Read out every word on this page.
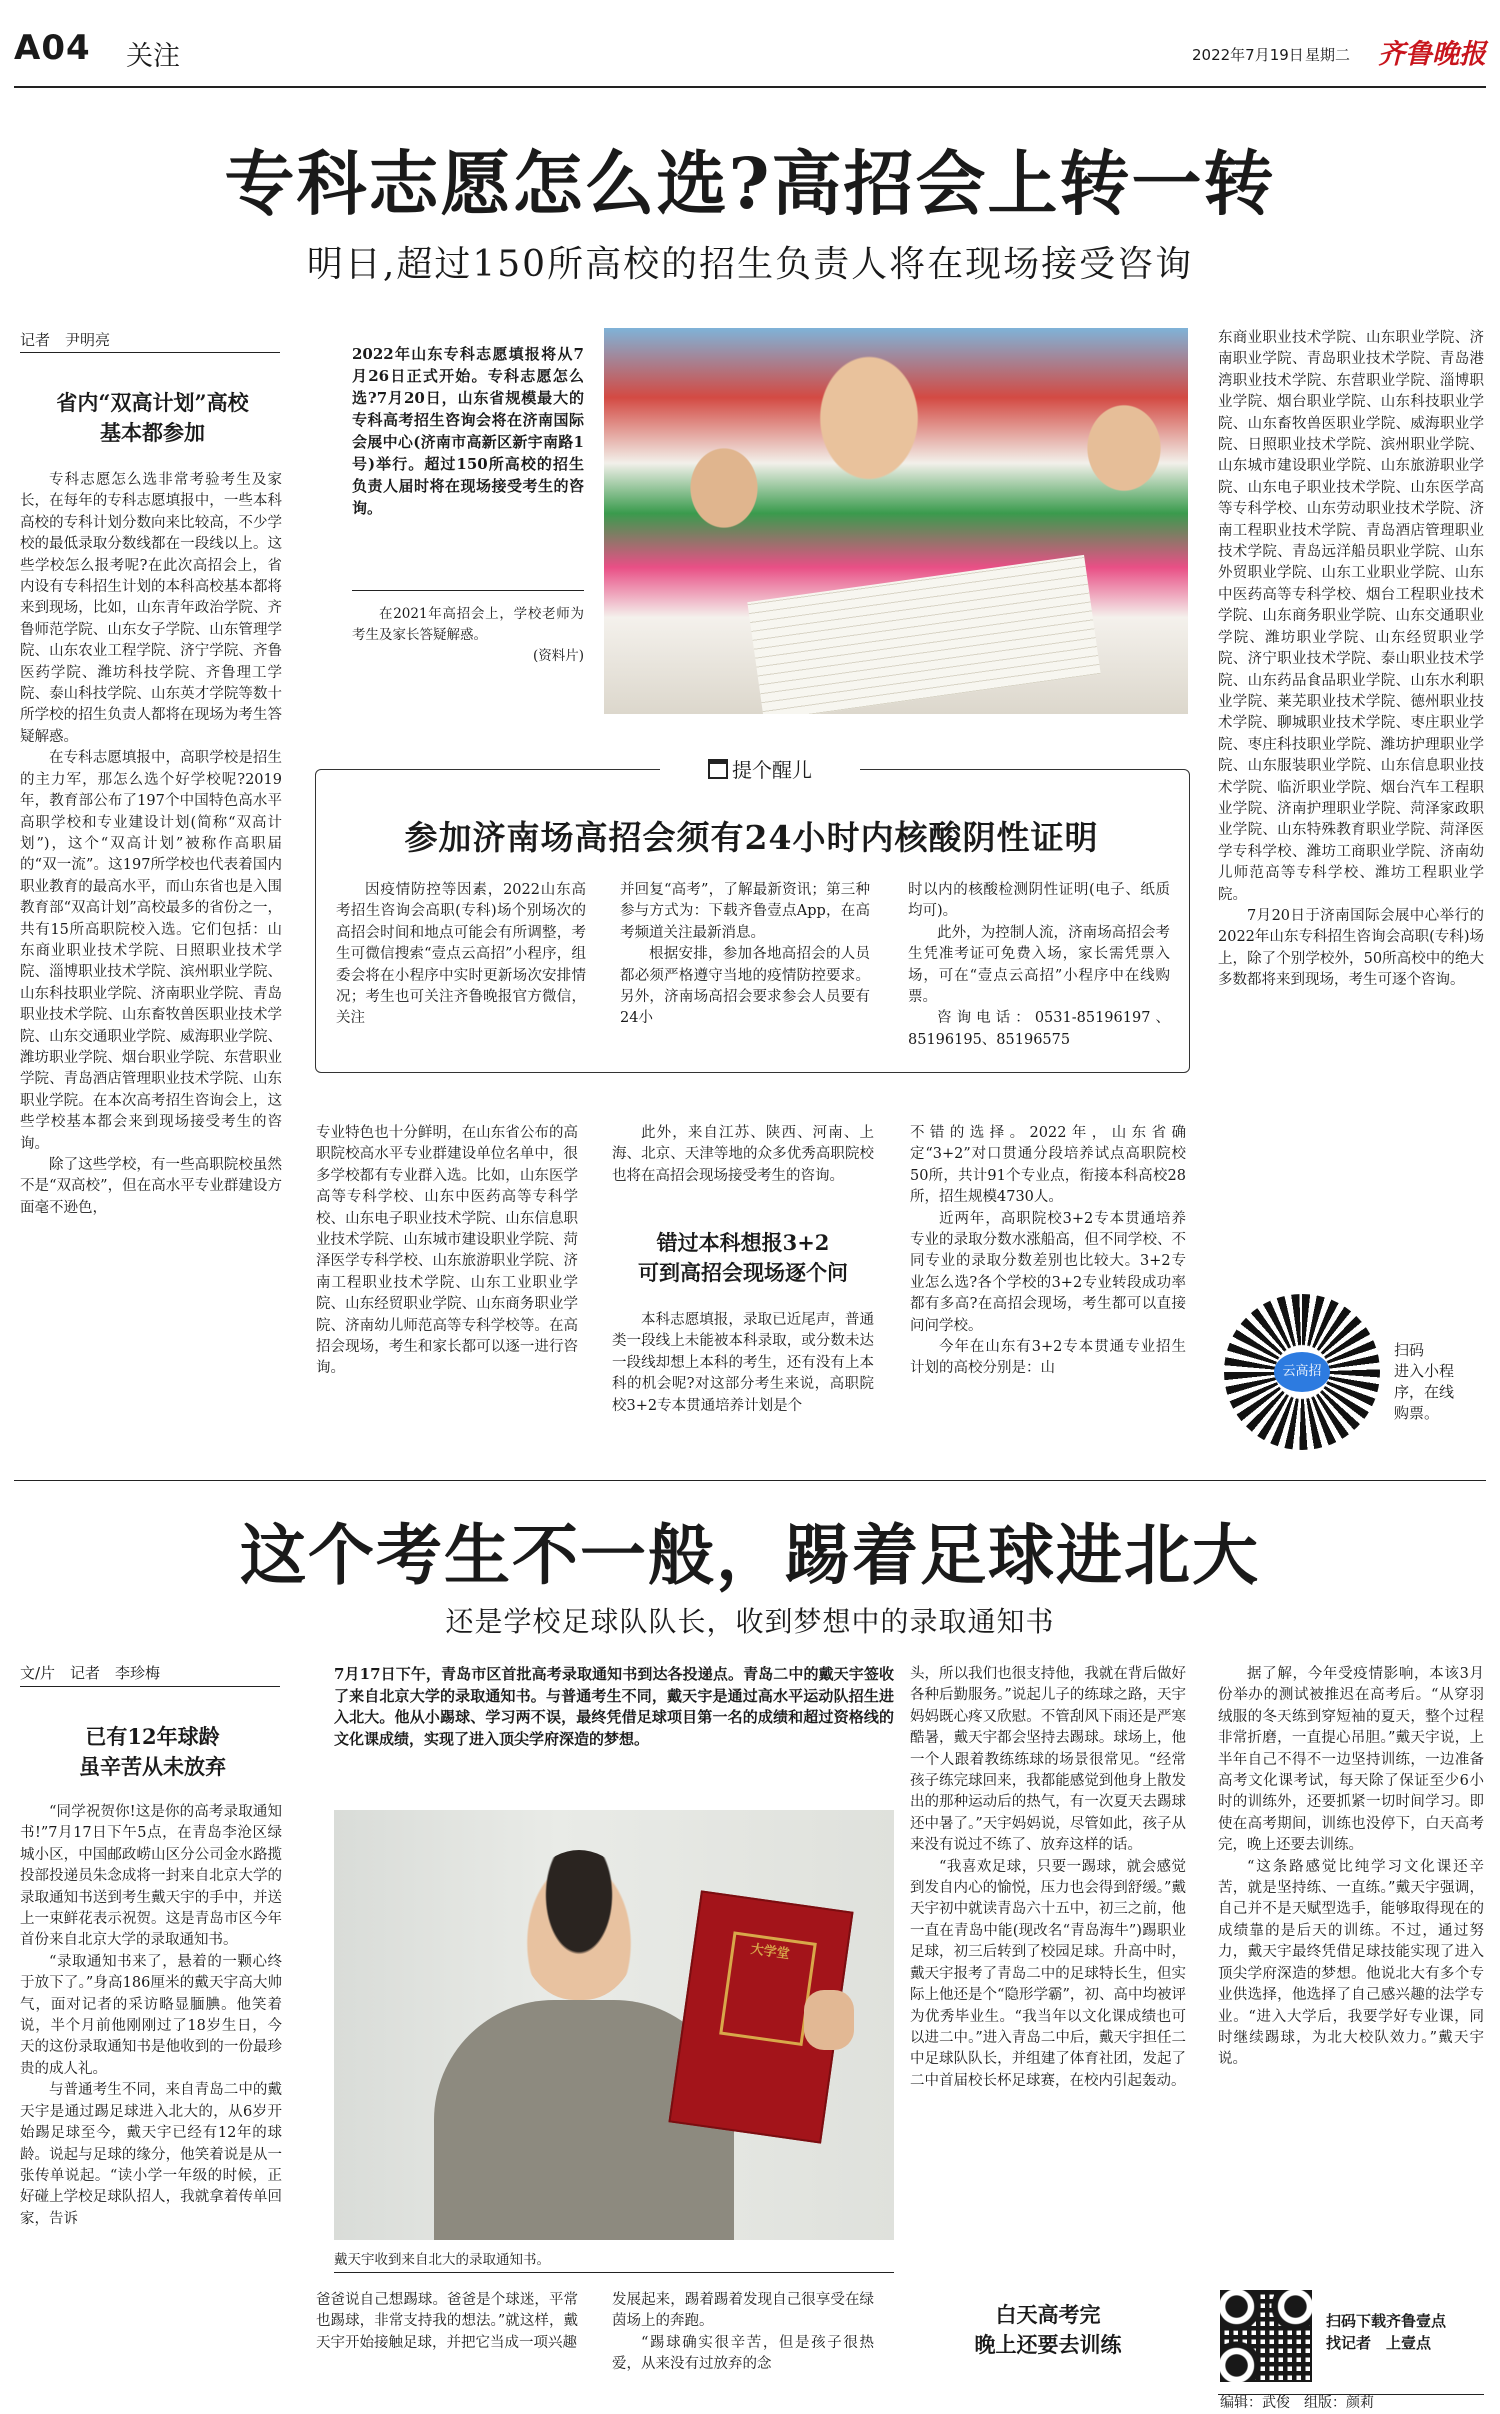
A04 关注	2022年7月19日 星期二 齐鲁晚报
专科志愿怎么选?高招会上转一转
明日,超过150所高校的招生负责人将在现场接受咨询
记者　尹明亮
省内“双高计划”高校
基本都参加

专科志愿怎么选非常考验考生及家长，在每年的专科志愿填报中，一些本科高校的专科计划分数向来比较高，不少学校的最低录取分数线都在一段线以上。这些学校怎么报考呢?在此次高招会上，省内设有专科招生计划的本科高校基本都将来到现场，比如，山东青年政治学院、齐鲁师范学院、山东女子学院、山东管理学院、山东农业工程学院、济宁学院、齐鲁医药学院、潍坊科技学院、齐鲁理工学院、泰山科技学院、山东英才学院等数十所学校的招生负责人都将在现场为考生答疑解惑。

在专科志愿填报中，高职学校是招生的主力军，那怎么选个好学校呢?2019年，教育部公布了197个中国特色高水平高职学校和专业建设计划(简称“双高计划”)，这个“双高计划”被称作高职届的“双一流”。这197所学校也代表着国内职业教育的最高水平，而山东省也是入围教育部“双高计划”高校最多的省份之一，共有15所高职院校入选。它们包括：山东商业职业技术学院、日照职业技术学院、淄博职业技术学院、滨州职业学院、山东科技职业学院、济南职业学院、青岛职业技术学院、山东畜牧兽医职业技术学院、山东交通职业学院、威海职业学院、潍坊职业学院、烟台职业学院、东营职业学院、青岛酒店管理职业技术学院、山东职业学院。在本次高考招生咨询会上，这些学校基本都会来到现场接受考生的咨询。

除了这些学校，有一些高职院校虽然不是“双高校”，但在高水平专业群建设方面毫不逊色，

2022年山东专科志愿填报将从7月26日正式开始。专科志愿怎么选?7月20日，山东省规模最大的专科高考招生咨询会将在济南国际会展中心(济南市高新区新宇南路1号)举行。超过150所高校的招生负责人届时将在现场接受考生的咨询。

在2021年高招会上，学校老师为考生及家长答疑解惑。

(资料片)
提个醒儿
参加济南场高招会须有24小时内核酸阴性证明

因疫情防控等因素，2022山东高考招生咨询会高职(专科)场个别场次的高招会时间和地点可能会有所调整，考生可微信搜索“壹点云高招”小程序，组委会将在小程序中实时更新场次安排情况；考生也可关注齐鲁晚报官方微信，关注

并回复“高考”，了解最新资讯；第三种参与方式为：下载齐鲁壹点App，在高考频道关注最新消息。

根据安排，参加各地高招会的人员都必须严格遵守当地的疫情防控要求。另外，济南场高招会要求参会人员要有24小

时以内的核酸检测阴性证明(电子、纸质均可)。

此外，为控制人流，济南场高招会考生凭准考证可免费入场，家长需凭票入场，可在“壹点云高招”小程序中在线购票。

咨询电话：0531-85196197、85196195、85196575

专业特色也十分鲜明，在山东省公布的高职院校高水平专业群建设单位名单中，很多学校都有专业群入选。比如，山东医学高等专科学校、山东中医药高等专科学校、山东电子职业技术学院、山东信息职业技术学院、山东城市建设职业学院、菏泽医学专科学校、山东旅游职业学院、济南工程职业技术学院、山东工业职业学院、山东经贸职业学院、山东商务职业学院、济南幼儿师范高等专科学校等。在高招会现场，考生和家长都可以逐一进行咨询。

此外，来自江苏、陕西、河南、上海、北京、天津等地的众多优秀高职院校也将在高招会现场接受考生的咨询。

错过本科想报3+2
可到高招会现场逐个问

本科志愿填报，录取已近尾声，普通类一段线上未能被本科录取，或分数未达一段线却想上本科的考生，还有没有上本科的机会呢?对这部分考生来说，高职院校3+2专本贯通培养计划是个

不错的选择。2022年，山东省确定“3+2”对口贯通分段培养试点高职院校50所，共计91个专业点，衔接本科高校28所，招生规模4730人。

近两年，高职院校3+2专本贯通培养专业的录取分数水涨船高，但不同学校、不同专业的录取分数差别也比较大。3+2专业怎么选?各个学校的3+2专业转段成功率都有多高?在高招会现场，考生都可以直接问问学校。

今年在山东有3+2专本贯通专业招生计划的高校分别是：山

东商业职业技术学院、山东职业学院、济南职业学院、青岛职业技术学院、青岛港湾职业技术学院、东营职业学院、淄博职业学院、烟台职业学院、山东科技职业学院、山东畜牧兽医职业学院、威海职业学院、日照职业技术学院、滨州职业学院、山东城市建设职业学院、山东旅游职业学院、山东电子职业技术学院、山东医学高等专科学校、山东劳动职业技术学院、济南工程职业技术学院、青岛酒店管理职业技术学院、青岛远洋船员职业学院、山东外贸职业学院、山东工业职业学院、山东中医药高等专科学校、烟台工程职业技术学院、山东商务职业学院、山东交通职业学院、潍坊职业学院、山东经贸职业学院、济宁职业技术学院、泰山职业技术学院、山东药品食品职业学院、山东水利职业学院、莱芜职业技术学院、德州职业技术学院、聊城职业技术学院、枣庄职业学院、枣庄科技职业学院、潍坊护理职业学院、山东服装职业学院、山东信息职业技术学院、临沂职业学院、烟台汽车工程职业学院、济南护理职业学院、菏泽家政职业学院、山东特殊教育职业学院、菏泽医学专科学校、潍坊工商职业学院、济南幼儿师范高等专科学校、潍坊工程职业学院。

7月20日于济南国际会展中心举行的2022年山东专科招生咨询会高职(专科)场上，除了个别学校外，50所高校中的绝大多数都将来到现场，考生可逐个咨询。

云高招
扫码
进入小程
序，在线
购票。
这个考生不一般，踢着足球进北大
还是学校足球队队长，收到梦想中的录取通知书
文/片　记者　李珍梅
已有12年球龄
虽辛苦从未放弃

“同学祝贺你!这是你的高考录取通知书!”7月17日下午5点，在青岛李沧区绿城小区，中国邮政崂山区分公司金水路揽投部投递员朱念成将一封来自北京大学的录取通知书送到考生戴天宇的手中，并送上一束鲜花表示祝贺。这是青岛市区今年首份来自北京大学的录取通知书。

“录取通知书来了，悬着的一颗心终于放下了。”身高186厘米的戴天宇高大帅气，面对记者的采访略显腼腆。他笑着说，半个月前他刚刚过了18岁生日，今天的这份录取通知书是他收到的一份最珍贵的成人礼。

与普通考生不同，来自青岛二中的戴天宇是通过踢足球进入北大的，从6岁开始踢足球至今，戴天宇已经有12年的球龄。说起与足球的缘分，他笑着说是从一张传单说起。“读小学一年级的时候，正好碰上学校足球队招人，我就拿着传单回家，告诉

7月17日下午，青岛市区首批高考录取通知书到达各投递点。青岛二中的戴天宇签收了来自北京大学的录取通知书。与普通考生不同，戴天宇是通过高水平运动队招生进入北大。他从小踢球、学习两不误，最终凭借足球项目第一名的成绩和超过资格线的文化课成绩，实现了进入顶尖学府深造的梦想。
大学堂
戴天宇收到来自北大的录取通知书。

爸爸说自己想踢球。爸爸是个球迷，平常也踢球，非常支持我的想法。”就这样，戴天宇开始接触足球，并把它当成一项兴趣

发展起来，踢着踢着发现自己很享受在绿茵场上的奔跑。

“踢球确实很辛苦，但是孩子很热爱，从来没有过放弃的念

头，所以我们也很支持他，我就在背后做好各种后勤服务。”说起儿子的练球之路，天宇妈妈既心疼又欣慰。不管刮风下雨还是严寒酷暑，戴天宇都会坚持去踢球。球场上，他一个人跟着教练练球的场景很常见。“经常孩子练完球回来，我都能感觉到他身上散发出的那种运动后的热气，有一次夏天去踢球还中暑了。”天宇妈妈说，尽管如此，孩子从来没有说过不练了、放弃这样的话。

“我喜欢足球，只要一踢球，就会感觉到发自内心的愉悦，压力也会得到舒缓。”戴天宇初中就读青岛六十五中，初三之前，他一直在青岛中能(现改名“青岛海牛”)踢职业足球，初三后转到了校园足球。升高中时，戴天宇报考了青岛二中的足球特长生，但实际上他还是个“隐形学霸”，初、高中均被评为优秀毕业生。“我当年以文化课成绩也可以进二中。”进入青岛二中后，戴天宇担任二中足球队队长，并组建了体育社团，发起了二中首届校长杯足球赛，在校内引起轰动。

白天高考完
晚上还要去训练

据了解，今年受疫情影响，本该3月份举办的测试被推迟在高考后。“从穿羽绒服的冬天练到穿短袖的夏天，整个过程非常折磨，一直提心吊胆。”戴天宇说，上半年自己不得不一边坚持训练，一边准备高考文化课考试，每天除了保证至少6小时的训练外，还要抓紧一切时间学习。即使在高考期间，训练也没停下，白天高考完，晚上还要去训练。

“这条路感觉比纯学习文化课还辛苦，就是坚持练、一直练。”戴天宇强调，自己并不是天赋型选手，能够取得现在的成绩靠的是后天的训练。不过，通过努力，戴天宇最终凭借足球技能实现了进入顶尖学府深造的梦想。他说北大有多个专业供选择，他选择了自己感兴趣的法学专业。“进入大学后，我要学好专业课，同时继续踢球，为北大校队效力。”戴天宇说。

扫码下载齐鲁壹点
找记者　上壹点
编辑：武俊　组版：颜莉
